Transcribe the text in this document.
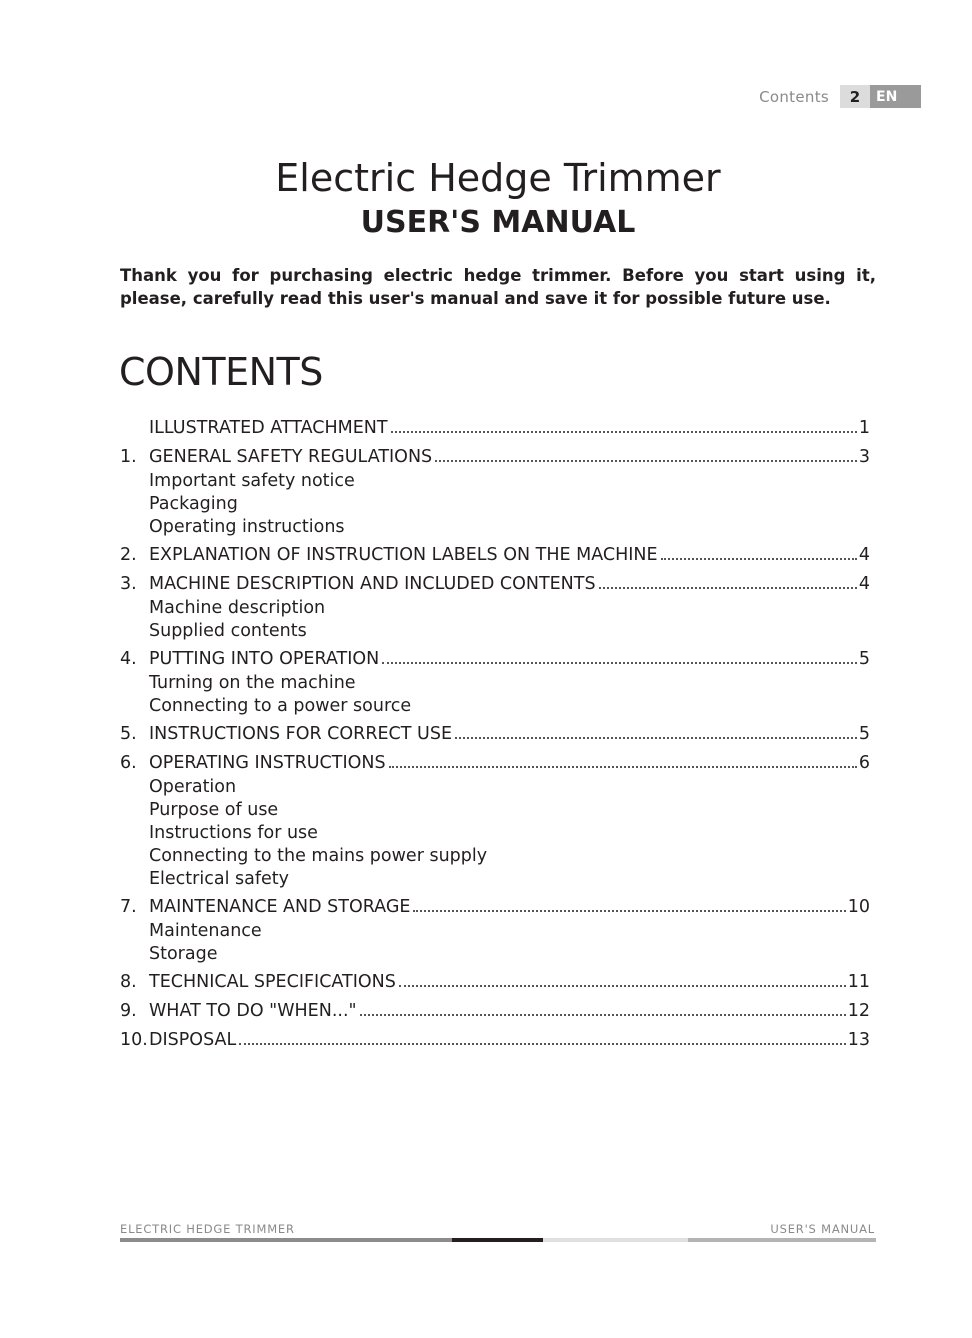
Contents	2	EN
Electric Hedge Trimmer
USER'S MANUAL
Thank you for purchasing electric hedge trimmer. Before you start using it, please, carefully read this user's manual and save it for possible future use.
CONTENTS
ILLUSTRATED ATTACHMENT	1
1. GENERAL SAFETY REGULATIONS	3
Important safety notice
Packaging
Operating instructions
2. EXPLANATION OF INSTRUCTION LABELS ON THE MACHINE	4
3. MACHINE DESCRIPTION AND INCLUDED CONTENTS	4
Machine description
Supplied contents
4. PUTTING INTO OPERATION	5
Turning on the machine
Connecting to a power source
5. INSTRUCTIONS FOR CORRECT USE	5
6. OPERATING INSTRUCTIONS	6
Operation
Purpose of use
Instructions for use
Connecting to the mains power supply
Electrical safety
7. MAINTENANCE AND STORAGE	10
Maintenance
Storage
8. TECHNICAL SPECIFICATIONS	11
9. WHAT TO DO "WHEN..."	12
10. DISPOSAL	13
ELECTRIC HEDGE TRIMMER	USER'S MANUAL
